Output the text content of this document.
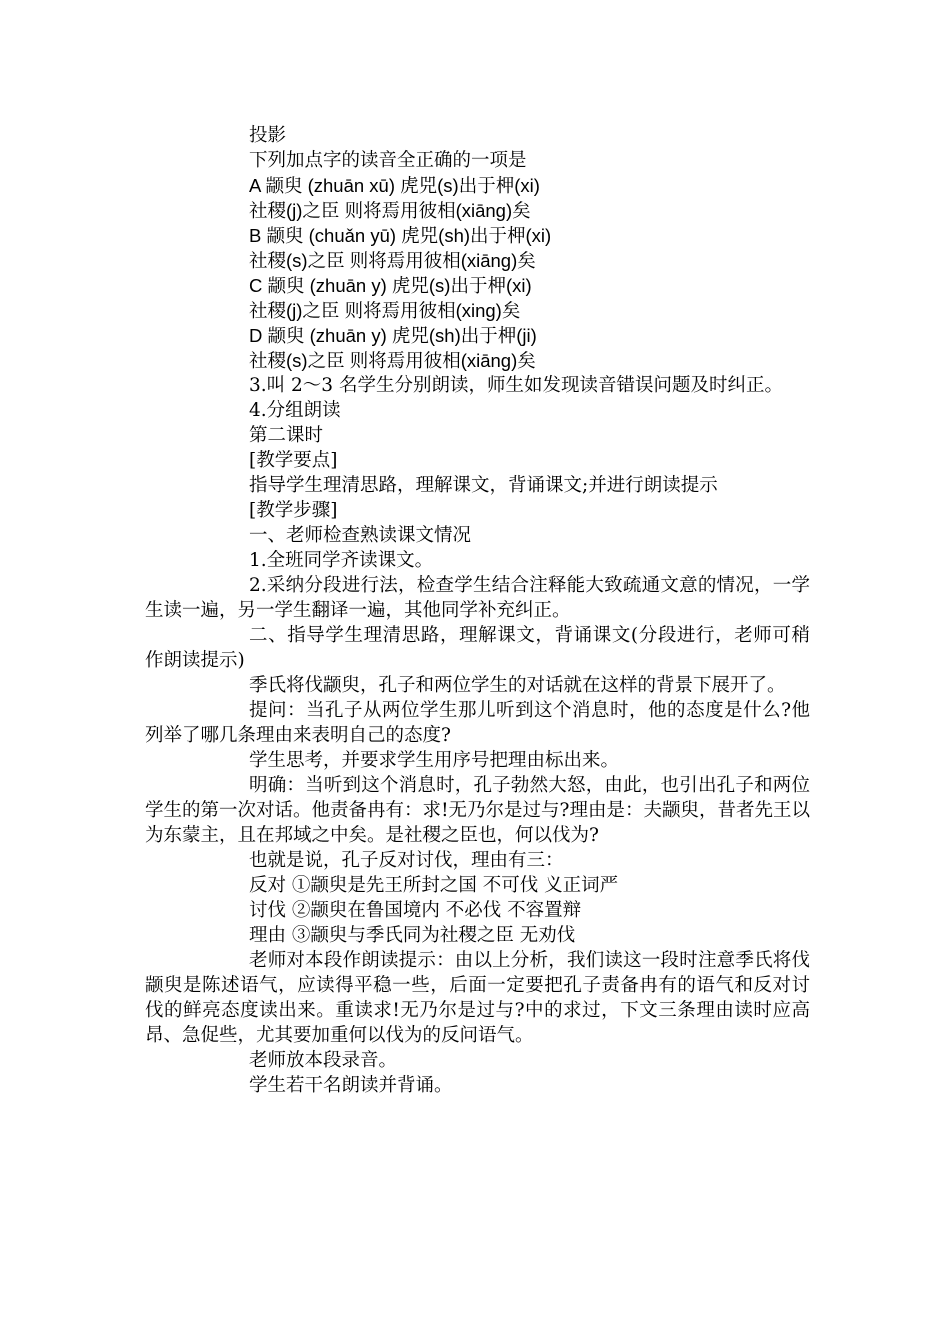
投影
下列加点字的读音全正确的一项是
A 颛臾 (zhuān xū) 虎兕(s)出于柙(xi)
社稷(j)之臣 则将焉用彼相(xiāng)矣
B 颛臾 (chuǎn yū) 虎兕(sh)出于柙(xi)
社稷(s)之臣 则将焉用彼相(xiāng)矣
C 颛臾 (zhuān y) 虎兕(s)出于柙(xi)
社稷(j)之臣 则将焉用彼相(xing)矣
D 颛臾 (zhuān y) 虎兕(sh)出于柙(ji)
社稷(s)之臣 则将焉用彼相(xiāng)矣
3.叫 2～3 名学生分别朗读，师生如发现读音错误问题及时纠正。
4.分组朗读
第二课时
[教学要点]
指导学生理清思路，理解课文，背诵课文;并进行朗读提示
[教学步骤]
一、老师检查熟读课文情况
1.全班同学齐读课文。
2.采纳分段进行法，检查学生结合注释能大致疏通文意的情况，一学生读一遍，另一学生翻译一遍，其他同学补充纠正。
二、指导学生理清思路，理解课文，背诵课文(分段进行，老师可稍作朗读提示)
季氏将伐颛臾，孔子和两位学生的对话就在这样的背景下展开了。
提问：当孔子从两位学生那儿听到这个消息时，他的态度是什么?他列举了哪几条理由来表明自己的态度?
学生思考，并要求学生用序号把理由标出来。
明确：当听到这个消息时，孔子勃然大怒，由此，也引出孔子和两位学生的第一次对话。他责备冉有：求!无乃尔是过与?理由是：夫颛臾，昔者先王以为东蒙主，且在邦域之中矣。是社稷之臣也，何以伐为?
也就是说，孔子反对讨伐，理由有三：
反对 ①颛臾是先王所封之国 不可伐 义正词严
讨伐 ②颛臾在鲁国境内 不必伐 不容置辩
理由 ③颛臾与季氏同为社稷之臣 无劝伐
老师对本段作朗读提示：由以上分析，我们读这一段时注意季氏将伐颛臾是陈述语气，应读得平稳一些，后面一定要把孔子责备冉有的语气和反对讨伐的鲜亮态度读出来。重读求!无乃尔是过与?中的求过，下文三条理由读时应高昂、急促些，尤其要加重何以伐为的反问语气。
老师放本段录音。
学生若干名朗读并背诵。
